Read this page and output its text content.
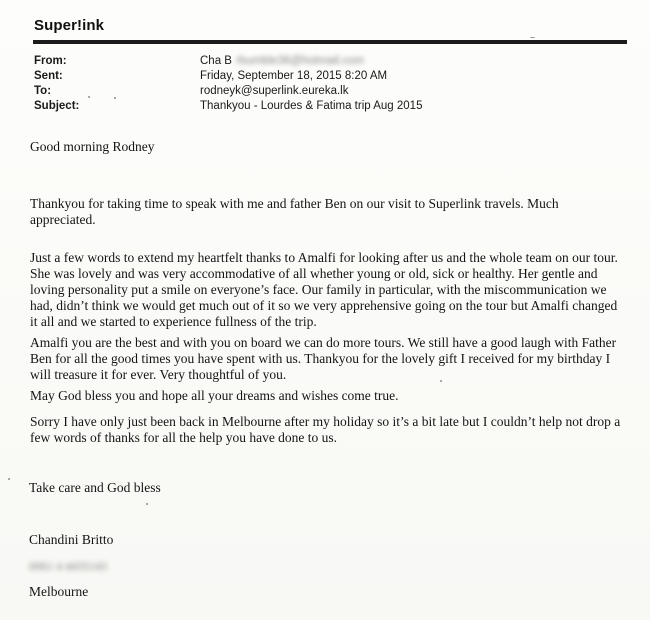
Super!ink
From:	Cha B rbumble36@hotmail.com
Sent:	Friday, September 18, 2015 8:20 AM
To:	rodneyk@superlink.eureka.lk
Subject:	Thankyou - Lourdes & Fatima trip Aug 2015

Good morning Rodney

Thankyou for taking time to speak with me and father Ben on our visit to Superlink travels. Much appreciated.

Just a few words to extend my heartfelt thanks to Amalfi for looking after us and the whole team on our tour. She was lovely and was very accommodative of all whether young or old, sick or healthy. Her gentle and loving personality put a smile on everyone’s face. Our family in particular, with the miscommunication we had, didn’t think we would get much out of it so we very apprehensive going on the tour but Amalfi changed it all and we started to experience fullness of the trip.

Amalfi you are the best and with you on board we can do more tours. We still have a good laugh with Father Ben for all the good times you have spent with us. Thankyou for the lovely gift I received for my birthday I will treasure it for ever. Very thoughtful of you.

May God bless you and hope all your dreams and wishes come true.

Sorry I have only just been back in Melbourne after my holiday so it’s a bit late but I couldn’t help not drop a few words of thanks for all the help you have done to us.

Take care and God bless
Chandini Britto
0061 4 4435143
Melbourne
